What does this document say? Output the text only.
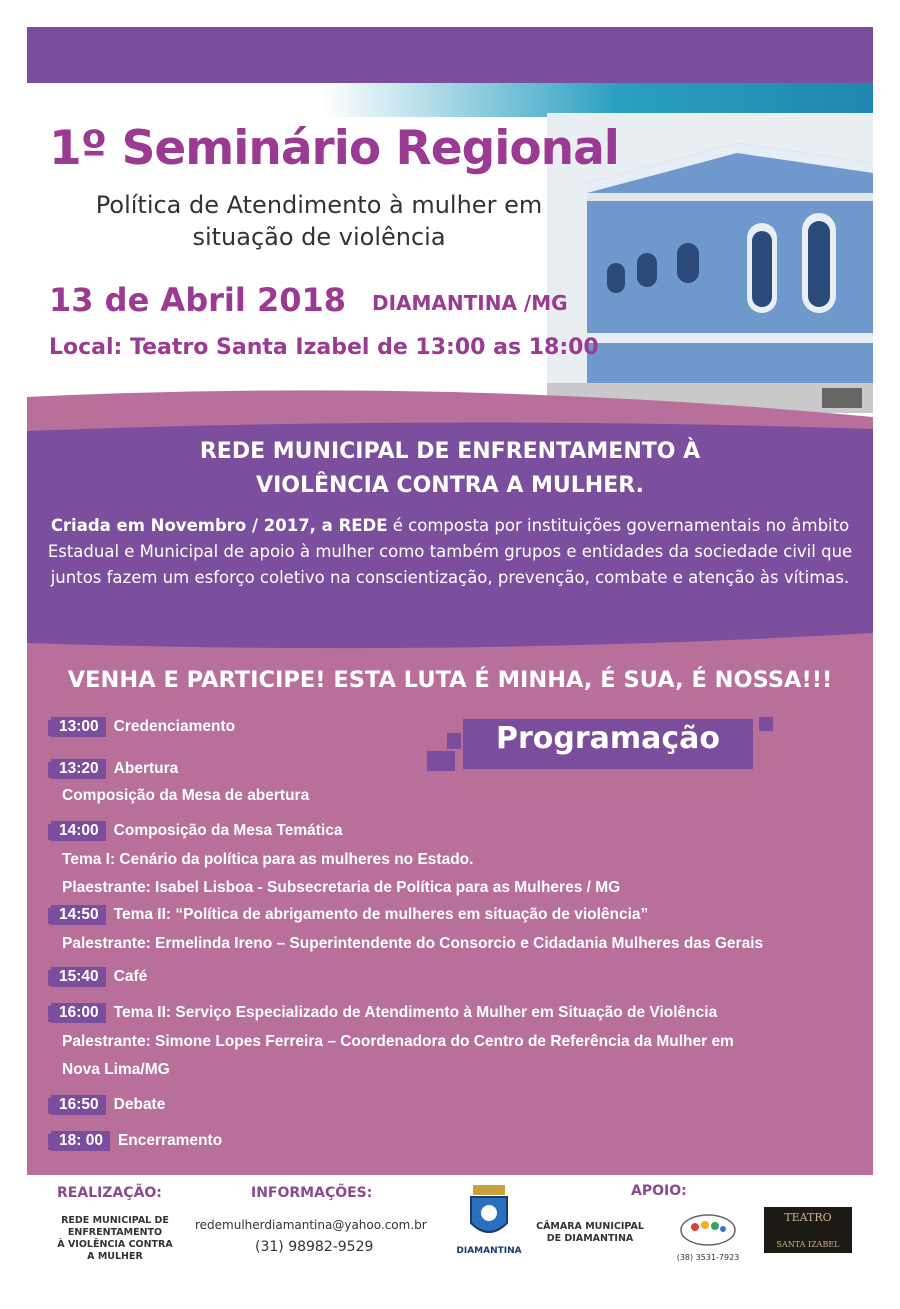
1º Seminário Regional
Política de Atendimento à mulher em
situação de violência
13 de Abril 2018 DIAMANTINA /MG
Local: Teatro Santa Izabel de 13:00 as 18:00
REDE MUNICIPAL DE ENFRENTAMENTO À
VIOLÊNCIA CONTRA A MULHER.
Criada em Novembro / 2017, a REDE é composta por instituições governamentais no âmbito Estadual e Municipal de apoio à mulher como também grupos e entidades da sociedade civil que juntos fazem um esforço coletivo na conscientização, prevenção, combate e atenção às vítimas.
VENHA E PARTICIPE! ESTA LUTA É MINHA, É SUA, É NOSSA!!!
Programação
13:00 Credenciamento
13:20 Abertura
Composição da Mesa de abertura
14:00 Composição da Mesa Temática
Tema I: Cenário da política para as mulheres no Estado.
Plaestrante: Isabel Lisboa - Subsecretaria de Política para as Mulheres / MG
14:50 Tema II: “Política de abrigamento de mulheres em situação de violência”
Palestrante: Ermelinda Ireno – Superintendente do Consorcio e Cidadania Mulheres das Gerais
15:40 Café
16:00 Tema II: Serviço Especializado de Atendimento à Mulher em Situação de Violência
Palestrante: Simone Lopes Ferreira – Coordenadora do Centro de Referência da Mulher em
Nova Lima/MG
16:50 Debate
18: 00 Encerramento
REALIZAÇÃO:
REDE MUNICIPAL DE
ENFRENTAMENTO
À VIOLÊNCIA CONTRA
A MULHER
INFORMAÇÕES:
redemulherdiamantina@yahoo.com.br
(31) 98982-9529	DIAMANTINA
APOIO:
CÂMARA MUNICIPAL
DE DIAMANTINA
(38) 3531-7923
TEATRO
SANTA IZABEL
